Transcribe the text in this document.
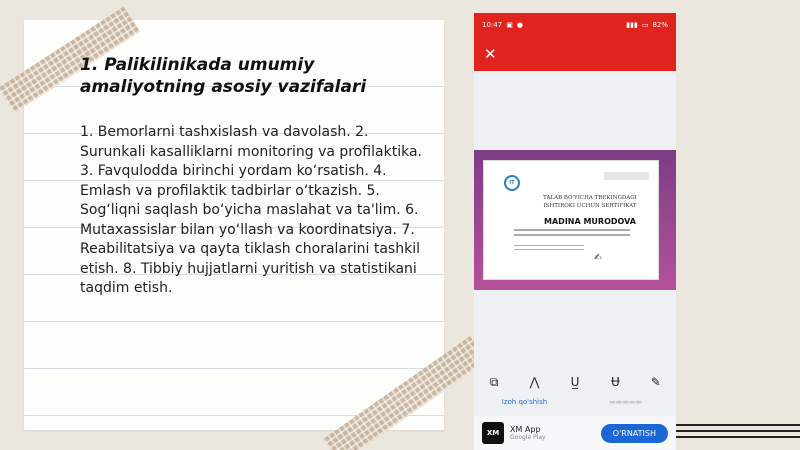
1. Palikilinikada umumiy amaliyotning asosiy vazifalari

1. Bemorlarni tashxislash va davolash. 2. Surunkali kasalliklarni monitoring va profilaktika. 3. Favqulodda birinchi yordam ko‘rsatish. 4. Emlash va profilaktik tadbirlar o‘tkazish. 5. Sog‘liqni saqlash bo‘yicha maslahat va ta'lim. 6. Mutaxassislar bilan yo‘llash va koordinatsiya. 7. Reabilitatsiya va qayta tiklash choralarini tashkil etish. 8. Tibbiy hujjatlarni yuritish va statistikani taqdim etish.

10:47 ▣ ●	▮▮▮ ▭ 82%
✕
IT
TALAB BO'YICHA TREKINGDAGI ISHTIROKI UCHUN SERTIFIKAT
MADINA MURODOVA
✍
⧉	⋀	U̲	Ʉ	✎
Izoh qo'shish	▬▬▬▬▬
XM	XM App
Google Play	O'RNATISH
